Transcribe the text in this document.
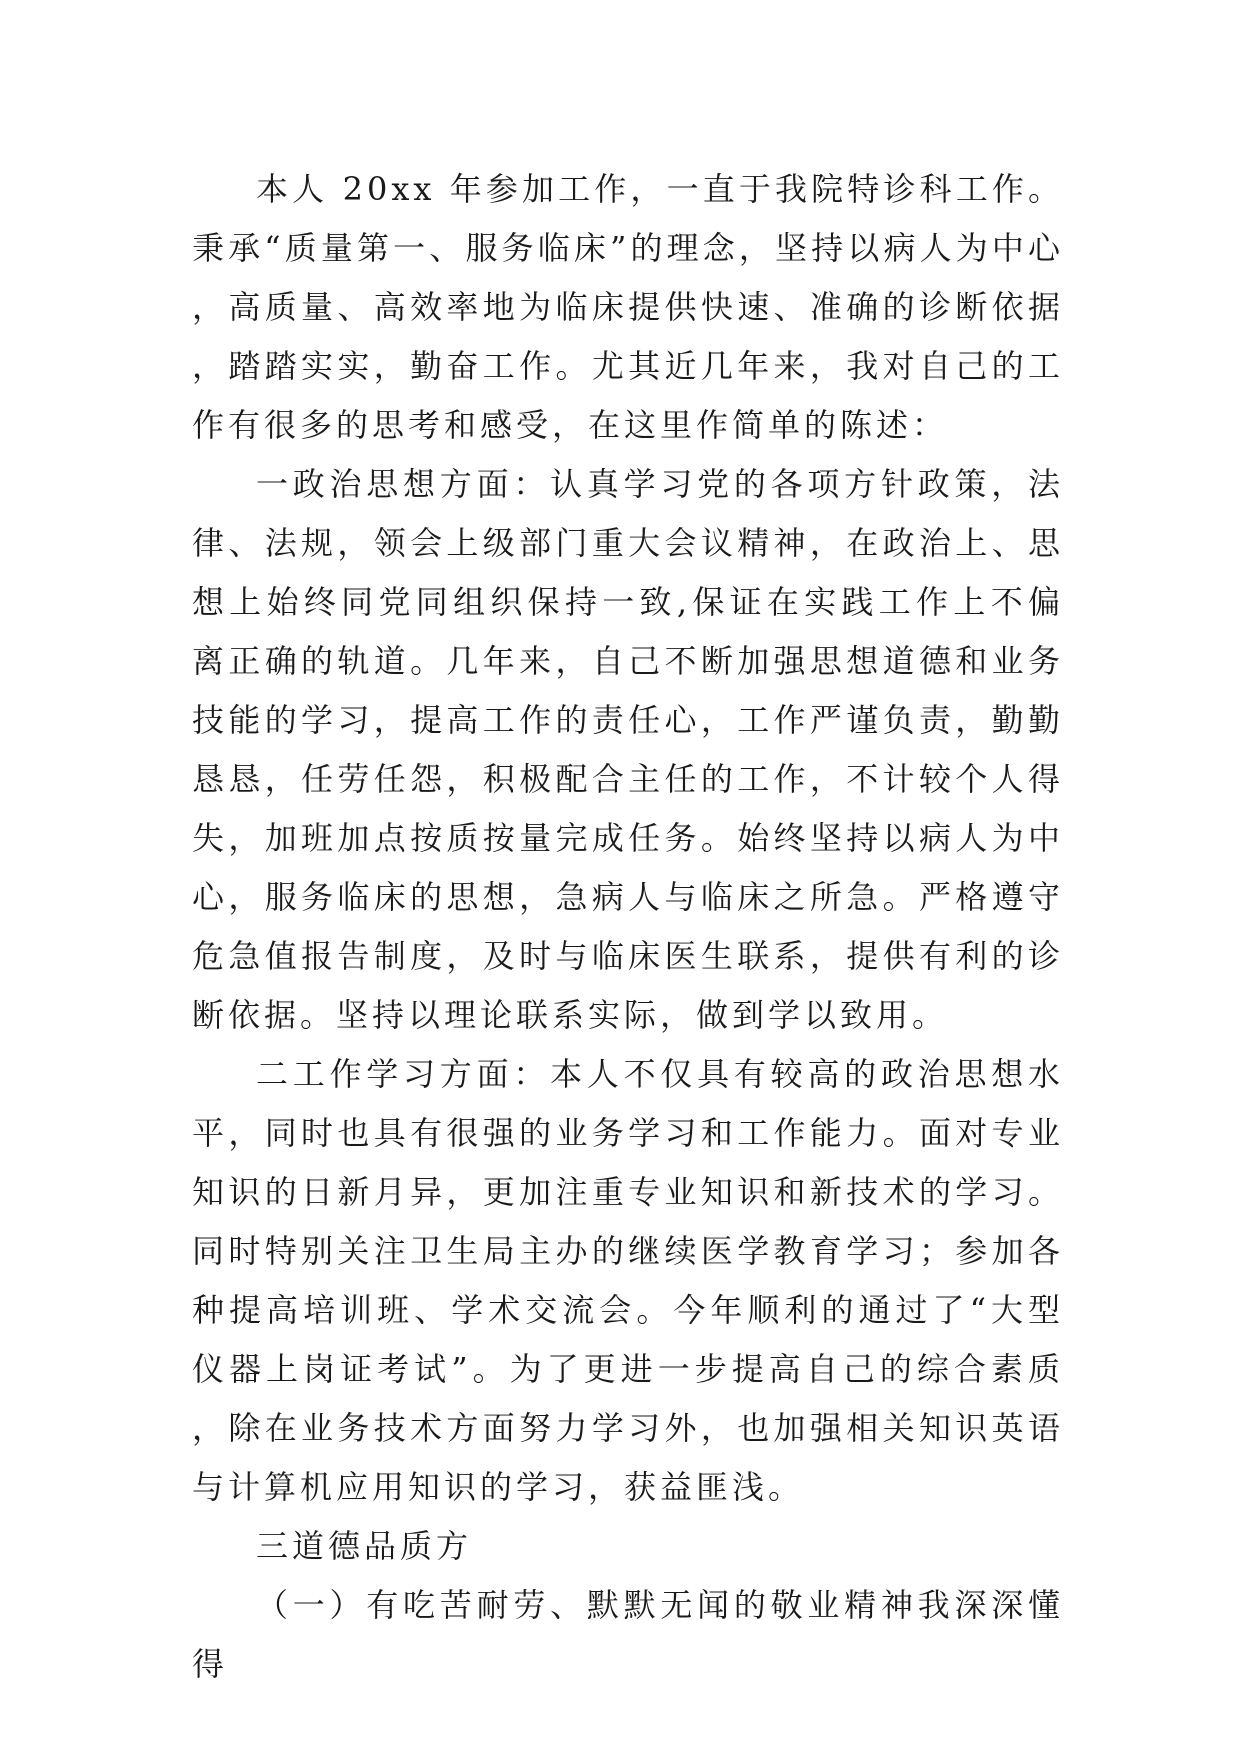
本人 20xx 年参加工作，一直于我院特诊科工作。秉承“质量第一、服务临床”的理念，坚持以病人为中心，高质量、高效率地为临床提供快速、准确的诊断依据，踏踏实实，勤奋工作。尤其近几年来，我对自己的工作有很多的思考和感受，在这里作简单的陈述：

一政治思想方面：认真学习党的各项方针政策，法律、法规，领会上级部门重大会议精神，在政治上、思想上始终同党同组织保持一致,保证在实践工作上不偏离正确的轨道。几年来，自己不断加强思想道德和业务技能的学习，提高工作的责任心，工作严谨负责，勤勤恳恳，任劳任怨，积极配合主任的工作，不计较个人得失，加班加点按质按量完成任务。始终坚持以病人为中心，服务临床的思想，急病人与临床之所急。严格遵守危急值报告制度，及时与临床医生联系，提供有利的诊断依据。坚持以理论联系实际，做到学以致用。

二工作学习方面：本人不仅具有较高的政治思想水平，同时也具有很强的业务学习和工作能力。面对专业知识的日新月异，更加注重专业知识和新技术的学习。同时特别关注卫生局主办的继续医学教育学习；参加各种提高培训班、学术交流会。今年顺利的通过了“大型仪器上岗证考试”。为了更进一步提高自己的综合素质，除在业务技术方面努力学习外，也加强相关知识英语与计算机应用知识的学习，获益匪浅。

三道德品质方

（一）有吃苦耐劳、默默无闻的敬业精神我深深懂得
